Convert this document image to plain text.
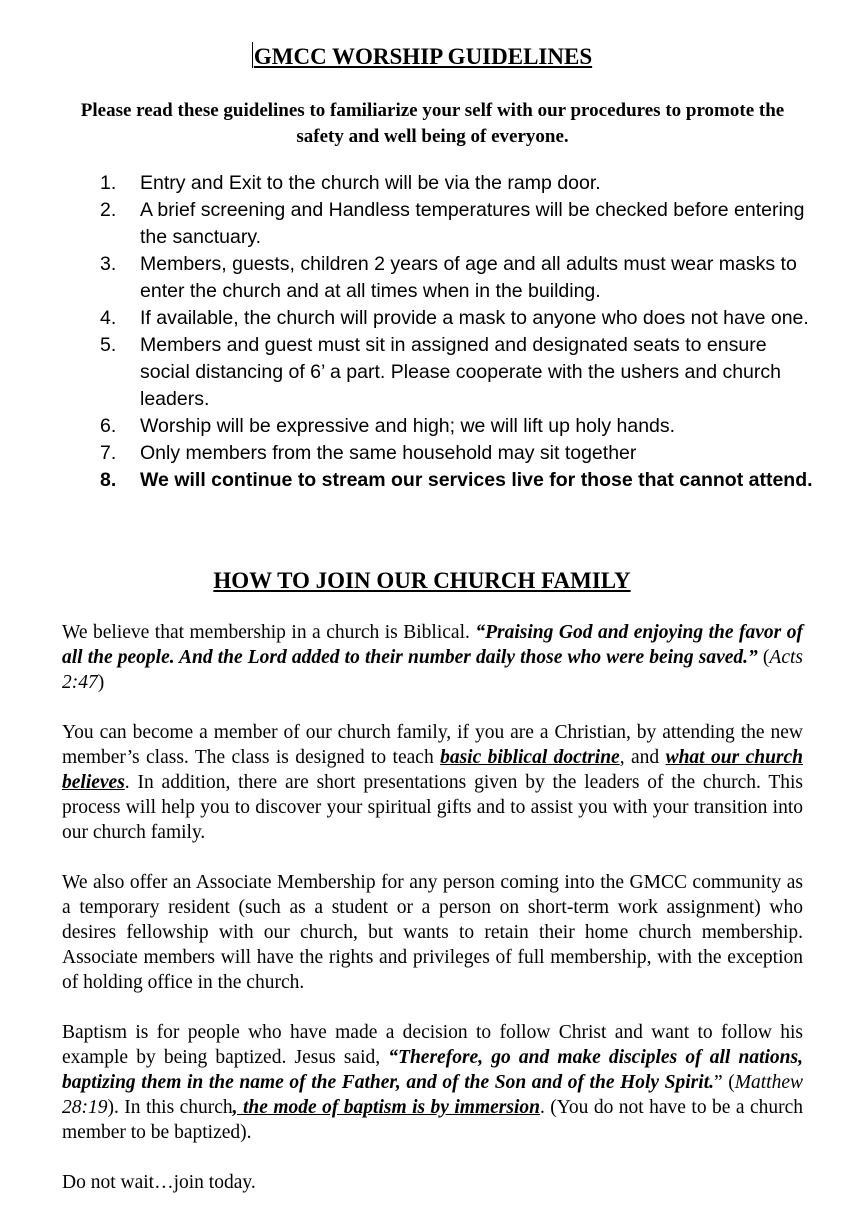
GMCC WORSHIP GUIDELINES
Please read these guidelines to familiarize your self with our procedures to promote the safety and well being of everyone.
1. Entry and Exit to the church will be via the ramp door.
2. A brief screening and Handless temperatures will be checked before entering the sanctuary.
3. Members, guests, children 2 years of age and all adults must wear masks to enter the church and at all times when in the building.
4. If available, the church will provide a mask to anyone who does not have one.
5. Members and guest must sit in assigned and designated seats to ensure social distancing of 6’ a part. Please cooperate with the ushers and church leaders.
6. Worship will be expressive and high; we will lift up holy hands.
7. Only members from the same household may sit together
8. We will continue to stream our services live for those that cannot attend.
HOW TO JOIN OUR CHURCH FAMILY

We believe that membership in a church is Biblical. “Praising God and enjoying the favor of all the people. And the Lord added to their number daily those who were being saved.” (Acts 2:47)

You can become a member of our church family, if you are a Christian, by attending the new member’s class. The class is designed to teach basic biblical doctrine, and what our church believes. In addition, there are short presentations given by the leaders of the church. This process will help you to discover your spiritual gifts and to assist you with your transition into our church family.

We also offer an Associate Membership for any person coming into the GMCC community as a temporary resident (such as a student or a person on short-term work assignment) who desires fellowship with our church, but wants to retain their home church membership. Associate members will have the rights and privileges of full membership, with the exception of holding office in the church.

Baptism is for people who have made a decision to follow Christ and want to follow his example by being baptized. Jesus said, “Therefore, go and make disciples of all nations, baptizing them in the name of the Father, and of the Son and of the Holy Spirit.” (Matthew 28:19). In this church, the mode of baptism is by immersion. (You do not have to be a church member to be baptized).

Do not wait…join today.
